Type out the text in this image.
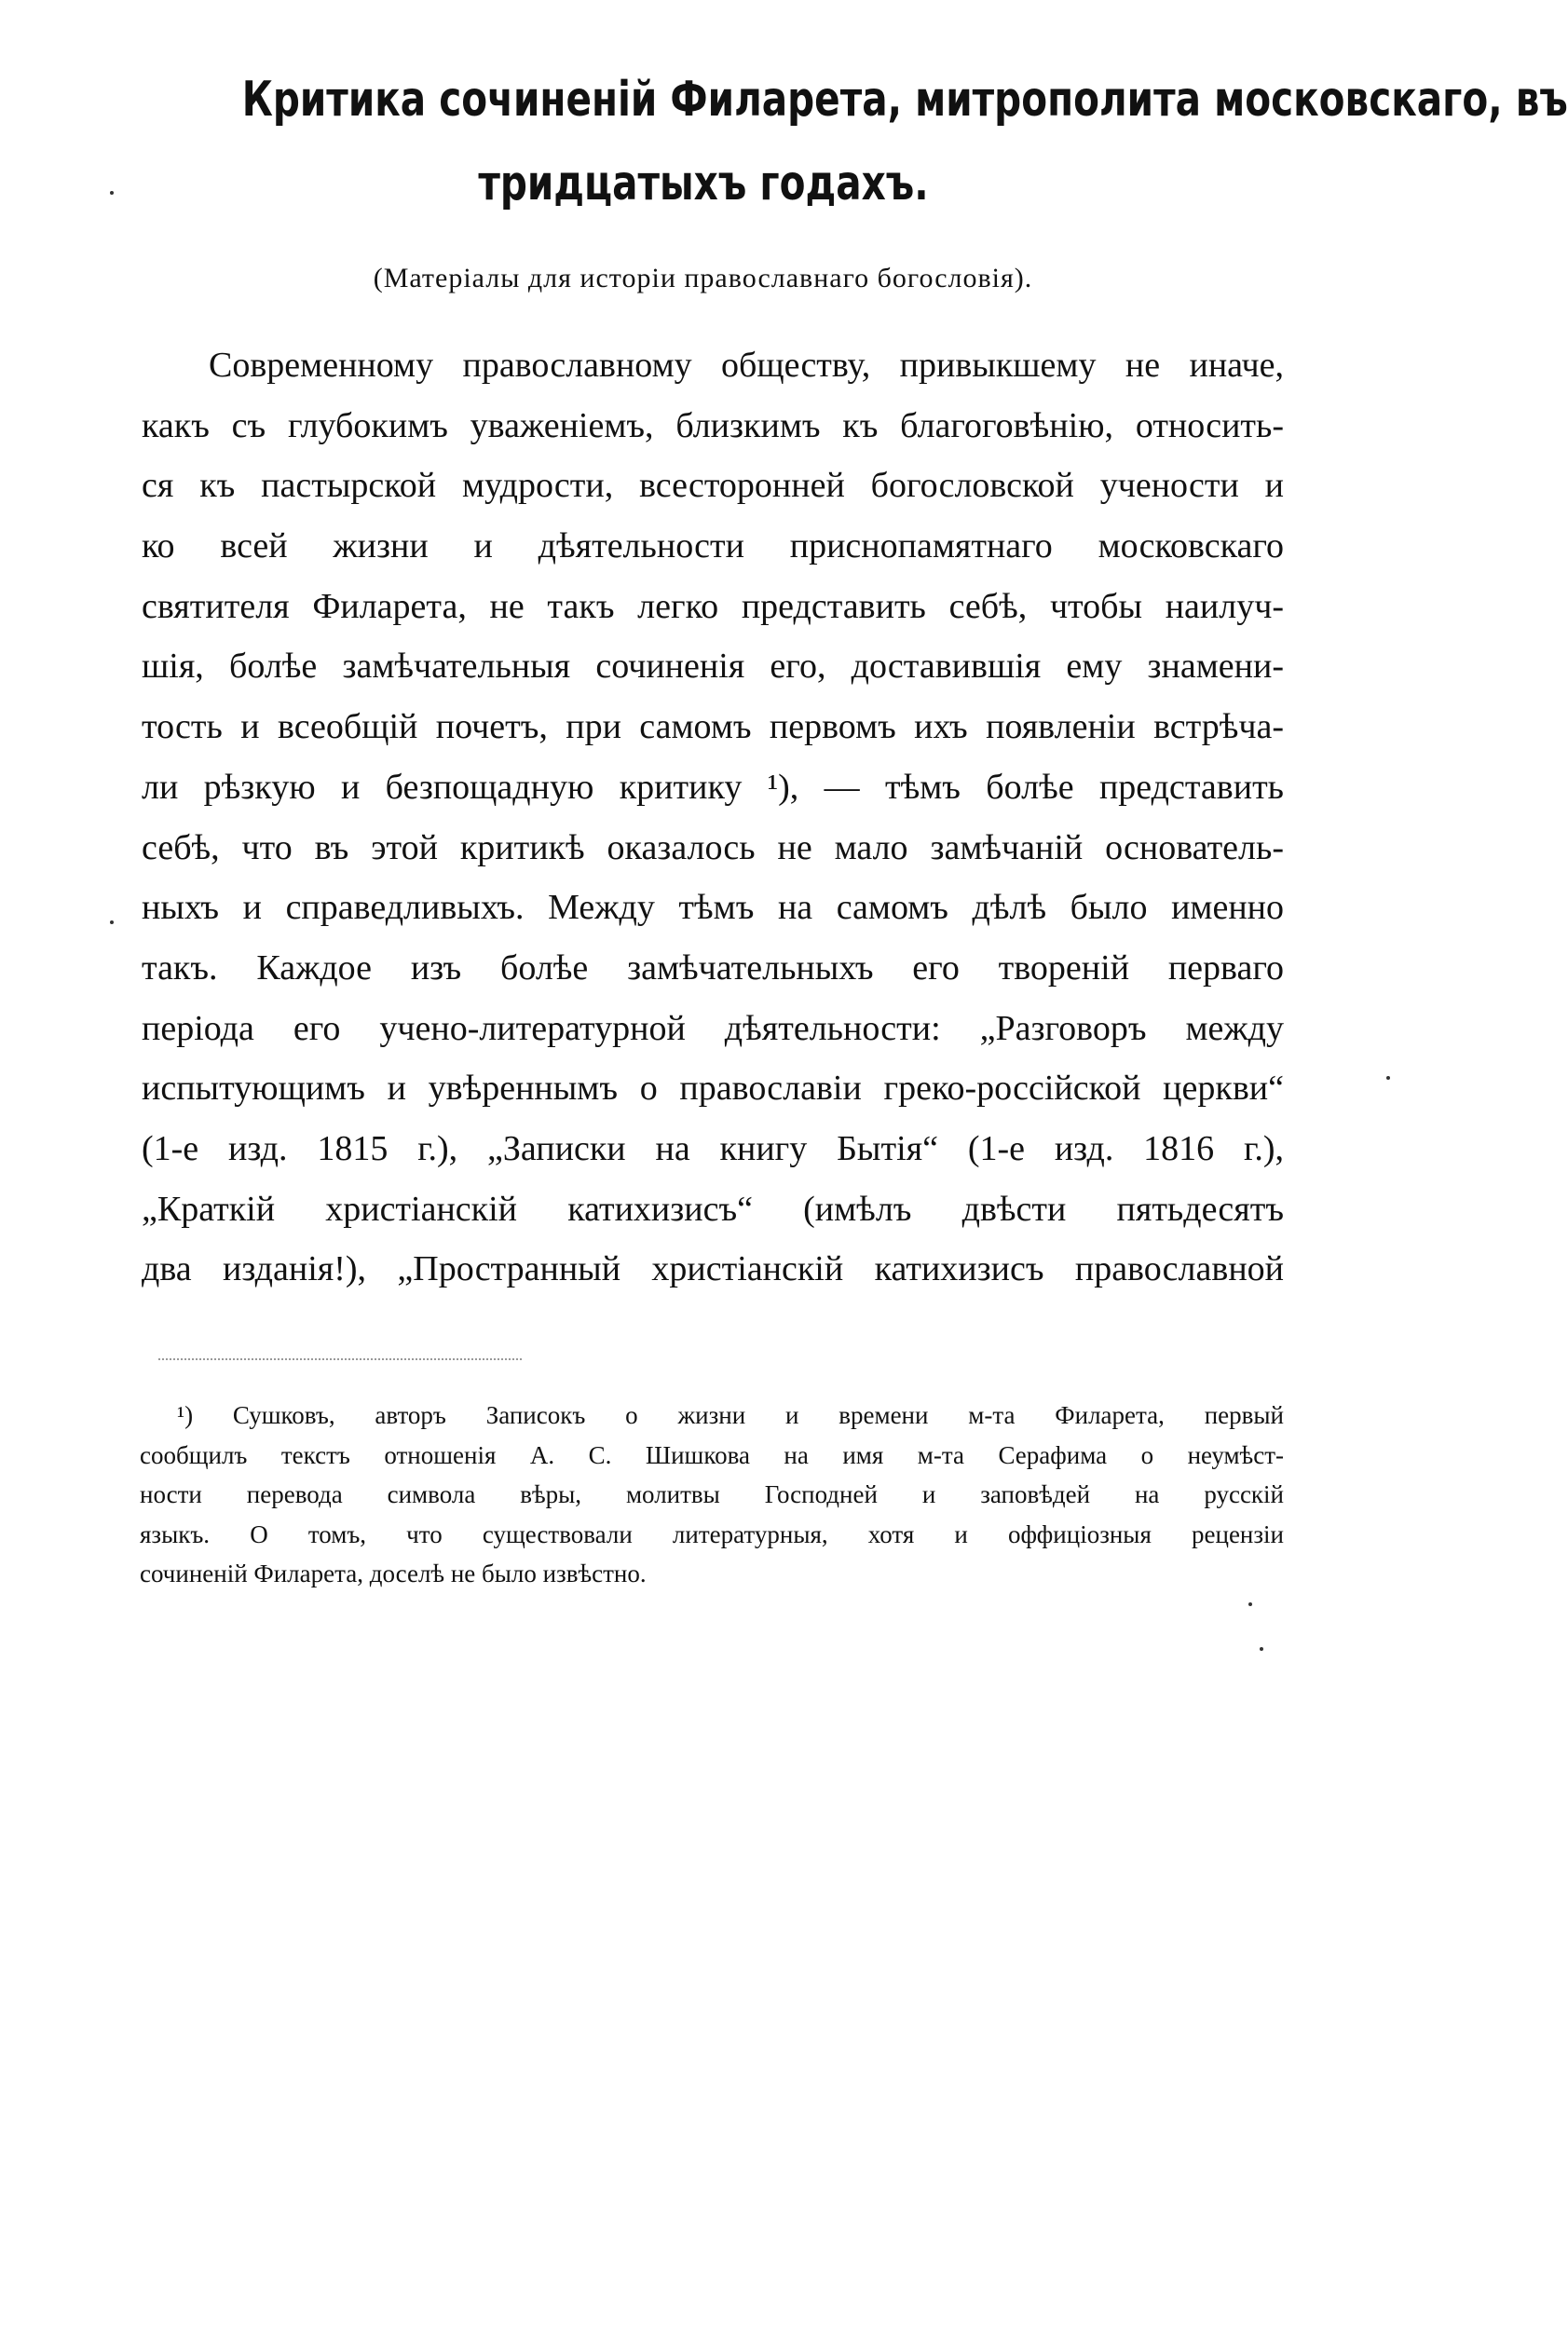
Критика сочиненій Филарета, митрополита московскаго, въ
тридцатыхъ годахъ.
(Матеріалы для исторіи православнаго богословія).
Современному православному обществу, привыкшему не иначе,
какъ съ глубокимъ уваженіемъ, близкимъ къ благоговѣнію, относить-
ся къ пастырской мудрости, всесторонней богословской учености и
ко всей жизни и дѣятельности приснопамятнаго московскаго
святителя Филарета, не такъ легко представить себѣ, чтобы наилуч-
шія, болѣе замѣчательныя сочиненія его, доставившія ему знамени-
тость и всеобщій почетъ, при самомъ первомъ ихъ появленіи встрѣча-
ли рѣзкую и безпощадную критику ¹), — тѣмъ болѣе представить
себѣ, что въ этой критикѣ оказалось не мало замѣчаній основатель-
ныхъ и справедливыхъ. Между тѣмъ на самомъ дѣлѣ было именно
такъ. Каждое изъ болѣе замѣчательныхъ его твореній перваго
періода его учено-литературной дѣятельности: „Разговоръ между
испытующимъ и увѣреннымъ о православіи греко-россійской церкви“
(1-е изд. 1815 г.), „Записки на книгу Бытія“ (1-е изд. 1816 г.),
„Краткій христіанскій катихизисъ“ (имѣлъ двѣсти пятьдесятъ
два изданія!), „Пространный христіанскій катихизисъ православной
¹) Сушковъ, авторъ Записокъ о жизни и времени м-та Филарета, первый
сообщилъ текстъ отношенія А. С. Шишкова на имя м-та Серафима о неумѣст-
ности перевода символа вѣры, молитвы Господней и заповѣдей на русскій
языкъ. О томъ, что существовали литературныя, хотя и оффиціозныя рецензіи
сочиненій Филарета, доселѣ не было извѣстно.
